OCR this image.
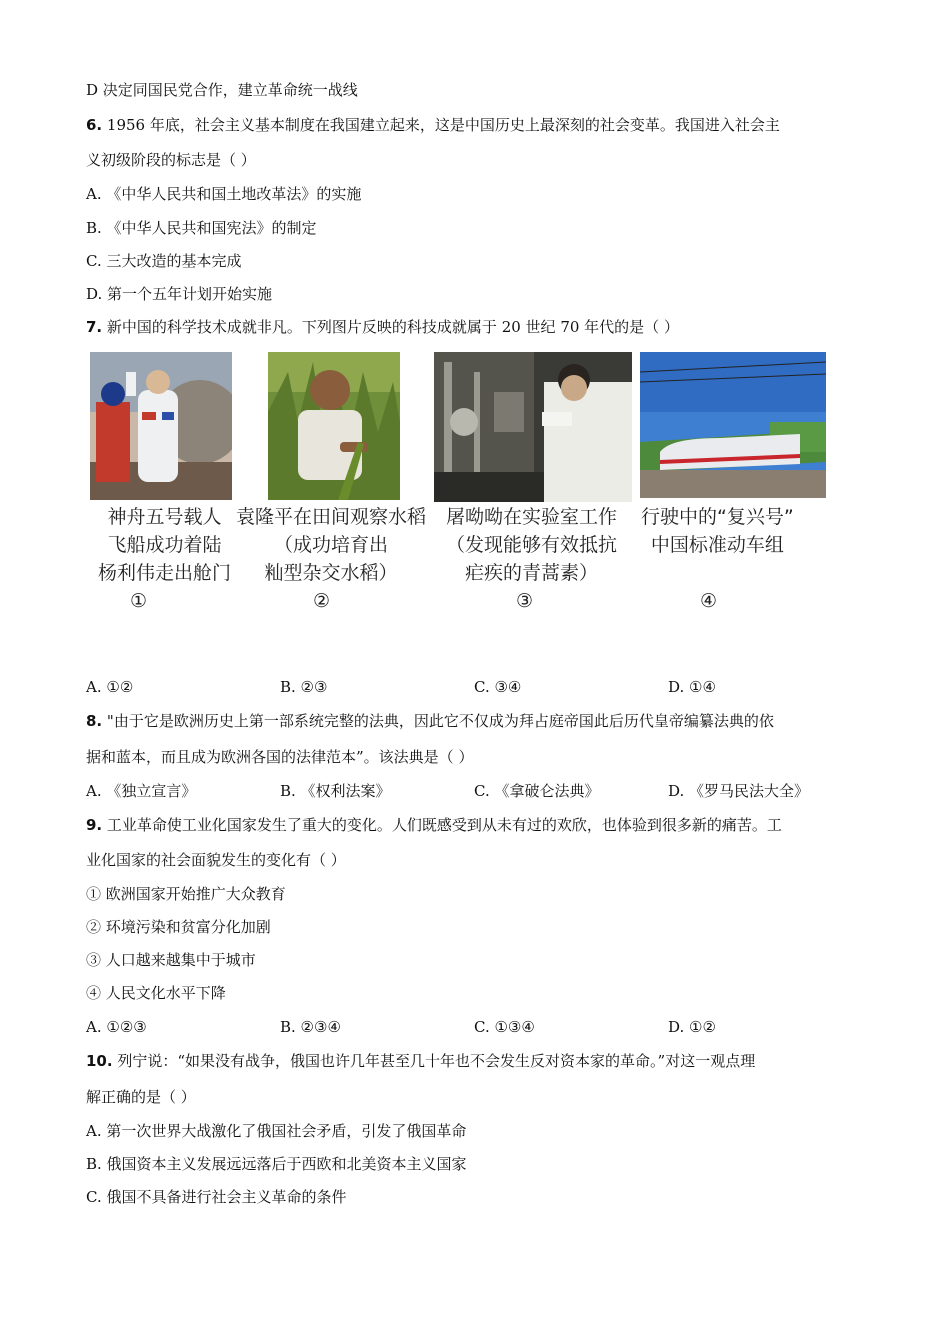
D 决定同国民党合作，建立革命统一战线
6. 1956 年底，社会主义基本制度在我国建立起来，这是中国历史上最深刻的社会变革。我国进入社会主
义初级阶段的标志是（ ）
A. 《中华人民共和国土地改革法》的实施
B. 《中华人民共和国宪法》的制定
C. 三大改造的基本完成
D. 第一个五年计划开始实施
7. 新中国的科学技术成就非凡。下列图片反映的科技成就属于 20 世纪 70 年代的是（ ）
神舟五号载人
飞船成功着陆
杨利伟走出舱门
①
袁隆平在田间观察水稻
（成功培育出
籼型杂交水稻）
②
屠呦呦在实验室工作
（发现能够有效抵抗
疟疾的青蒿素）
③
行驶中的“复兴号”
中国标准动车组
④
A. ①②	B. ②③	C. ③④	D. ①④
8. "由于它是欧洲历史上第一部系统完整的法典，因此它不仅成为拜占庭帝国此后历代皇帝编纂法典的依
据和蓝本，而且成为欧洲各国的法律范本”。该法典是（ ）
A. 《独立宣言》	B. 《权利法案》	C. 《拿破仑法典》	D. 《罗马民法大全》
9. 工业革命使工业化国家发生了重大的变化。人们既感受到从未有过的欢欣，也体验到很多新的痛苦。工
业化国家的社会面貌发生的变化有（ ）
① 欧洲国家开始推广大众教育
② 环境污染和贫富分化加剧
③ 人口越来越集中于城市
④ 人民文化水平下降
A. ①②③	B. ②③④	C. ①③④	D. ①②
10. 列宁说：“如果没有战争，俄国也许几年甚至几十年也不会发生反对资本家的革命。”对这一观点理
解正确的是（ ）
A. 第一次世界大战激化了俄国社会矛盾，引发了俄国革命
B. 俄国资本主义发展远远落后于西欧和北美资本主义国家
C. 俄国不具备进行社会主义革命的条件
